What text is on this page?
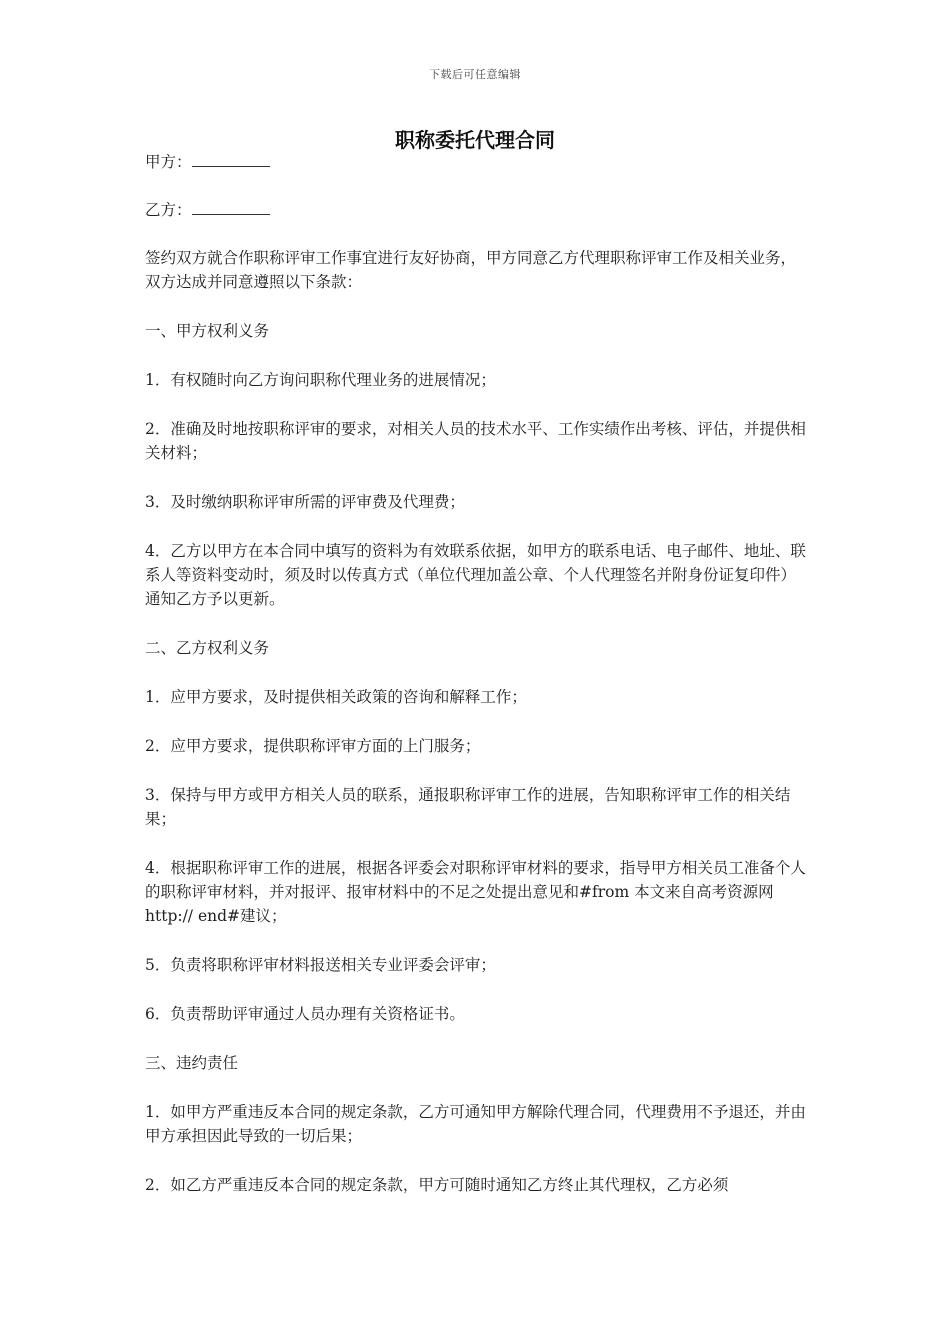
下载后可任意编辑
职称委托代理合同

甲方：

乙方：

签约双方就合作职称评审工作事宜进行友好协商，甲方同意乙方代理职称评审工作及相关业务，双方达成并同意遵照以下条款：

一、甲方权利义务

1．有权随时向乙方询问职称代理业务的进展情况；

2．准确及时地按职称评审的要求，对相关人员的技术水平、工作实绩作出考核、评估，并提供相关材料；

3．及时缴纳职称评审所需的评审费及代理费；

4．乙方以甲方在本合同中填写的资料为有效联系依据，如甲方的联系电话、电子邮件、地址、联系人等资料变动时，须及时以传真方式（单位代理加盖公章、个人代理签名并附身份证复印件）通知乙方予以更新。

二、乙方权利义务

1．应甲方要求，及时提供相关政策的咨询和解释工作；

2．应甲方要求，提供职称评审方面的上门服务；

3．保持与甲方或甲方相关人员的联系，通报职称评审工作的进展，告知职称评审工作的相关结果；

4．根据职称评审工作的进展，根据各评委会对职称评审材料的要求，指导甲方相关员工准备个人的职称评审材料，并对报评、报审材料中的不足之处提出意见和#from 本文来自高考资源网 http:// end#建议；

5．负责将职称评审材料报送相关专业评委会评审；

6．负责帮助评审通过人员办理有关资格证书。

三、违约责任

1．如甲方严重违反本合同的规定条款，乙方可通知甲方解除代理合同，代理费用不予退还，并由甲方承担因此导致的一切后果；

2．如乙方严重违反本合同的规定条款，甲方可随时通知乙方终止其代理权，乙方必须
